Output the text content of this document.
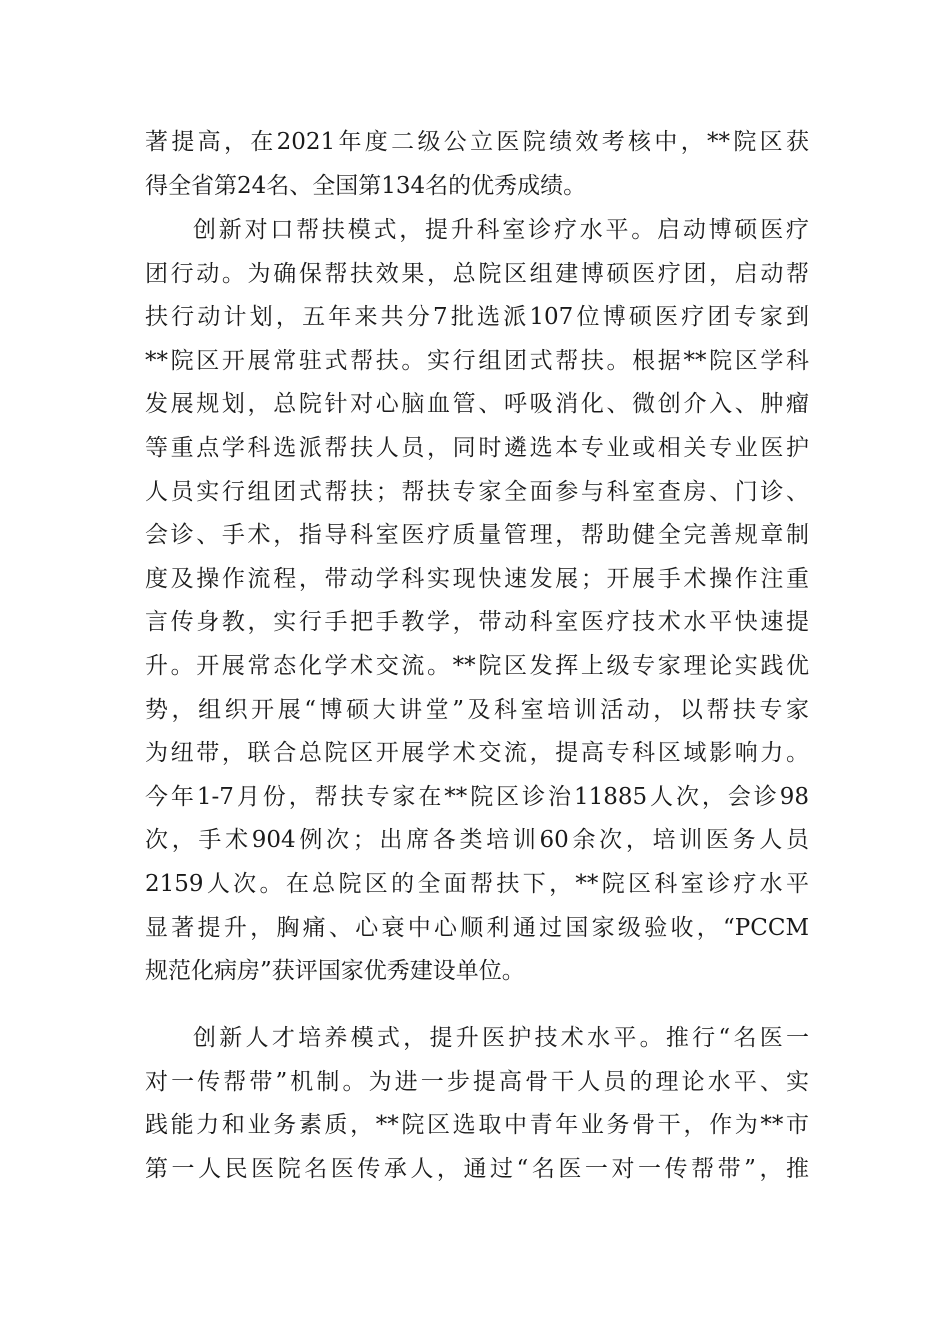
著提高，在2021年度二级公立医院绩效考核中，**院区获
得全省第24名、全国第134名的优秀成绩。
创新对口帮扶模式，提升科室诊疗水平。启动博硕医疗
团行动。为确保帮扶效果，总院区组建博硕医疗团，启动帮
扶行动计划，五年来共分7批选派107位博硕医疗团专家到
**院区开展常驻式帮扶。实行组团式帮扶。根据**院区学科
发展规划，总院针对心脑血管、呼吸消化、微创介入、肿瘤
等重点学科选派帮扶人员，同时遴选本专业或相关专业医护
人员实行组团式帮扶；帮扶专家全面参与科室查房、门诊、
会诊、手术，指导科室医疗质量管理，帮助健全完善规章制
度及操作流程，带动学科实现快速发展；开展手术操作注重
言传身教，实行手把手教学，带动科室医疗技术水平快速提
升。开展常态化学术交流。**院区发挥上级专家理论实践优
势，组织开展“博硕大讲堂”及科室培训活动，以帮扶专家
为纽带，联合总院区开展学术交流，提高专科区域影响力。
今年1-7月份，帮扶专家在**院区诊治11885人次，会诊98
次，手术904例次；出席各类培训60余次，培训医务人员
2159人次。在总院区的全面帮扶下，**院区科室诊疗水平
显著提升，胸痛、心衰中心顺利通过国家级验收，“PCCM
规范化病房”获评国家优秀建设单位。
创新人才培养模式，提升医护技术水平。推行“名医一
对一传帮带”机制。为进一步提高骨干人员的理论水平、实
践能力和业务素质，**院区选取中青年业务骨干，作为**市
第一人民医院名医传承人，通过“名医一对一传帮带”，推
